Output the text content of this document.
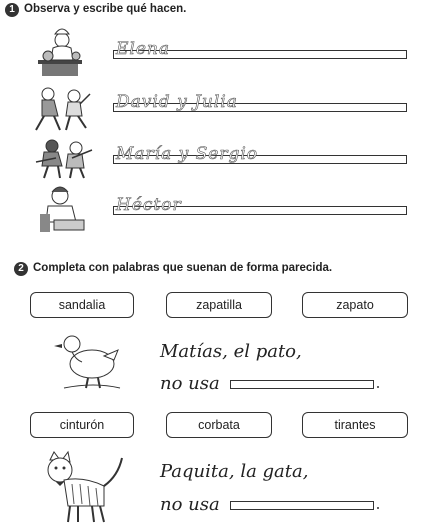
1 Observa y escribe qué hacen.
Elena
David y Julia
María y Sergio
Héctor
2 Completa con palabras que suenan de forma parecida.
sandalia	zapatilla	zapato
Matías, el pato,
no usa
cinturón	corbata	tirantes
Paquita, la gata,
no usa
